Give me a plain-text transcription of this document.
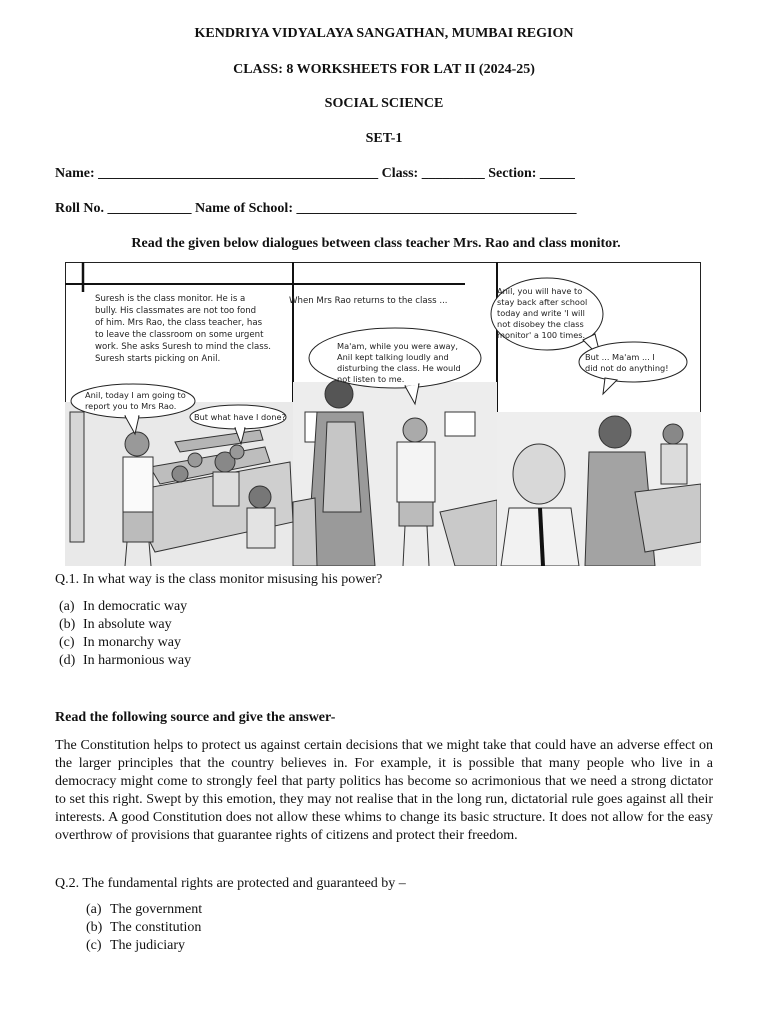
KENDRIYA VIDYALAYA SANGATHAN, MUMBAI REGION
CLASS: 8 WORKSHEETS FOR LAT II (2024-25)
SOCIAL SCIENCE
SET-1
Name: ________________________________________ Class: _________ Section: _____
Roll No. ____________ Name of School: ________________________________________
Read the given below dialogues between class teacher Mrs. Rao and class monitor.
Suresh is the class monitor. He is a bully. His classmates are not too fond of him. Mrs Rao, the class teacher, has to leave the classroom on some urgent work. She asks Suresh to mind the class. Suresh starts picking on Anil.
Anil, today I am going to report you to Mrs Rao.
But what have I done?
When Mrs Rao returns to the class ...
Ma'am, while you were away, Anil kept talking loudly and disturbing the class. He would not listen to me.
Anil, you will have to stay back after school today and write 'I will not disobey the class monitor' a 100 times.
But ... Ma'am ... I did not do anything!
Q.1. In what way is the class monitor misusing his power?
(a) In democratic way
(b) In absolute way
(c) In monarchy way
(d) In harmonious way
Read the following source and give the answer-
The Constitution helps to protect us against certain decisions that we might take that could have an adverse effect on the larger principles that the country believes in. For example, it is possible that many people who live in a democracy might come to strongly feel that party politics has become so acrimonious that we need a strong dictator to set this right. Swept by this emotion, they may not realise that in the long run, dictatorial rule goes against all their interests. A good Constitution does not allow these whims to change its basic structure. It does not allow for the easy overthrow of provisions that guarantee rights of citizens and protect their freedom.
Q.2. The fundamental rights are protected and guaranteed by –
(a) The government
(b) The constitution
(c) The judiciary
